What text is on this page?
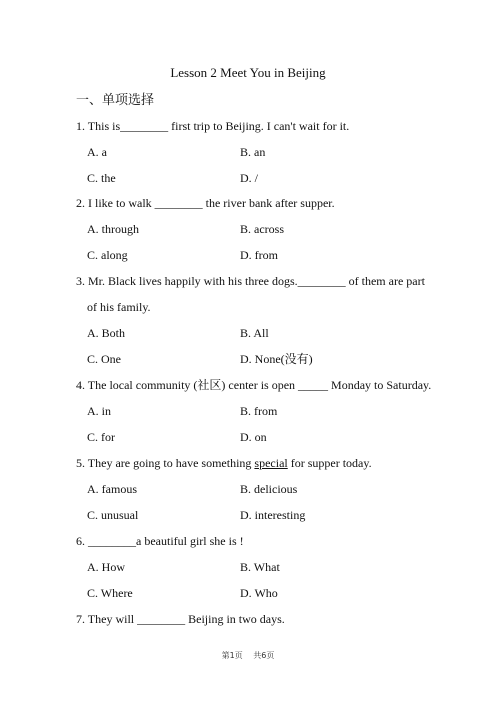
Lesson 2 Meet You in Beijing
一、单项选择
1. This is________ first trip to Beijing. I can't wait for it.
A. a	B. an
C. the	D. /
2. I like to walk ________ the river bank after supper.
A. through	B. across
C. along	D. from
3. Mr. Black lives happily with his three dogs.________ of them are part
of his family.
A. Both	B. All
C. One	D. None(没有)
4. The local community (社区) center is open _____ Monday to Saturday.
A. in	B. from
C. for	D. on
5. They are going to have something special for supper today.
A. famous	B. delicious
C. unusual	D. interesting
6. ________a beautiful girl she is !
A. How	B. What
C. Where	D. Who
7. They will ________ Beijing in two days.
第1页 共6页
